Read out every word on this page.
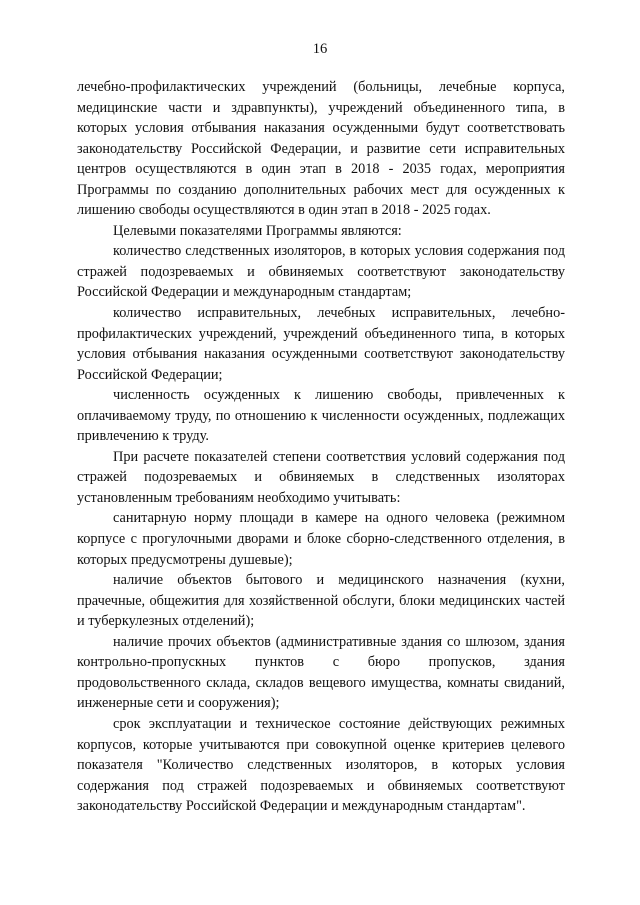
16

лечебно-профилактических учреждений (больницы, лечебные корпуса, медицинские части и здравпункты), учреждений объединенного типа, в которых условия отбывания наказания осужденными будут соответствовать законодательству Российской Федерации, и развитие сети исправительных центров осуществляются в один этап в 2018 - 2035 годах, мероприятия Программы по созданию дополнительных рабочих мест для осужденных к лишению свободы осуществляются в один этап в 2018 - 2025 годах.

Целевыми показателями Программы являются:

количество следственных изоляторов, в которых условия содержания под стражей подозреваемых и обвиняемых соответствуют законодательству Российской Федерации и международным стандартам;

количество исправительных, лечебных исправительных, лечебно-профилактических учреждений, учреждений объединенного типа, в которых условия отбывания наказания осужденными соответствуют законодательству Российской Федерации;

численность осужденных к лишению свободы, привлеченных к оплачиваемому труду, по отношению к численности осужденных, подлежащих привлечению к труду.

При расчете показателей степени соответствия условий содержания под стражей подозреваемых и обвиняемых в следственных изоляторах установленным требованиям необходимо учитывать:

санитарную норму площади в камере на одного человека (режимном корпусе с прогулочными дворами и блоке сборно-следственного отделения, в которых предусмотрены душевые);

наличие объектов бытового и медицинского назначения (кухни, прачечные, общежития для хозяйственной обслуги, блоки медицинских частей и туберкулезных отделений);

наличие прочих объектов (административные здания со шлюзом, здания контрольно-пропускных пунктов с бюро пропусков, здания продовольственного склада, складов вещевого имущества, комнаты свиданий, инженерные сети и сооружения);

срок эксплуатации и техническое состояние действующих режимных корпусов, которые учитываются при совокупной оценке критериев целевого показателя "Количество следственных изоляторов, в которых условия содержания под стражей подозреваемых и обвиняемых соответствуют законодательству Российской Федерации и международным стандартам".
